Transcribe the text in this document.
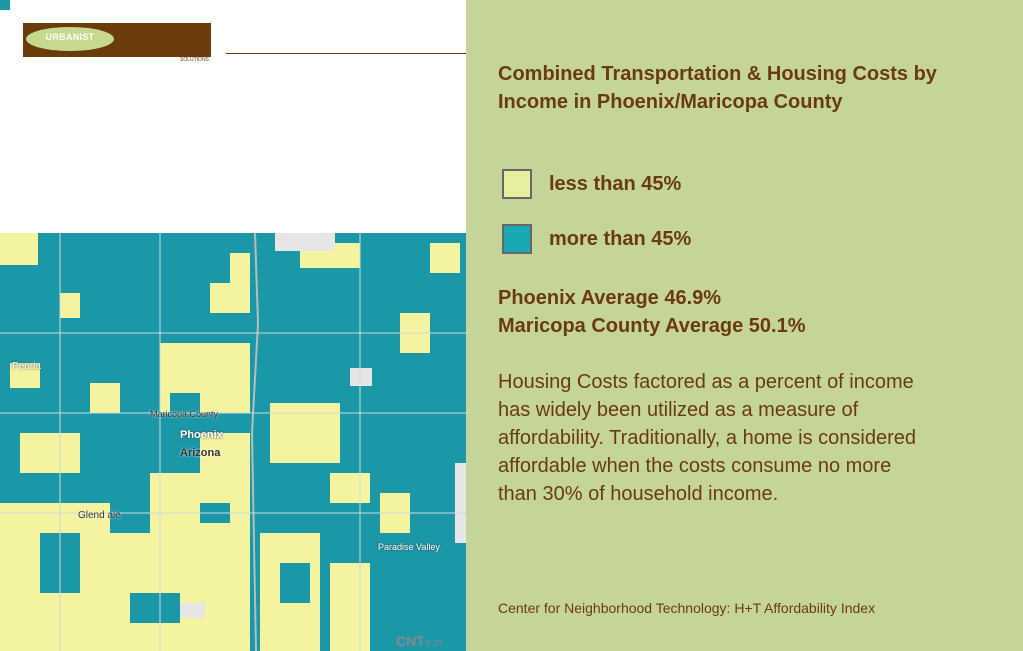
URBANIST
SOLUTIONS
Peoria
Maricopa County
Phoenix
Arizona
Glend ale
Paradise Valley
CNT© 20
Combined Transportation & Housing Costs by Income in Phoenix/Maricopa County
less than 45%
more than 45%
Phoenix Average 46.9%
Maricopa County Average 50.1%
Housing Costs factored as a percent of income has widely been utilized as a measure of affordability. Traditionally, a home is considered affordable when the costs consume no more than 30% of household income.
Center for Neighborhood Technology: H+T Affordability Index
